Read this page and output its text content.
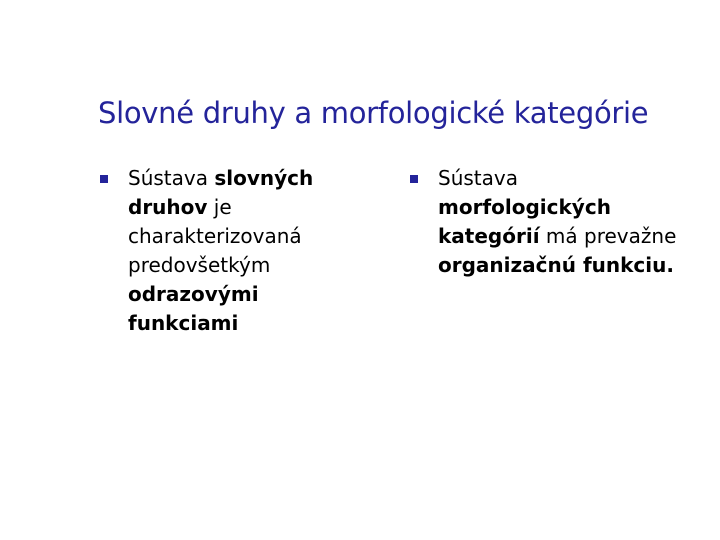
Slovné druhy a morfologické kategórie
Sústava slovných
druhov je
charakterizovaná
predovšetkým
odrazovými
funkciami
Sústava
morfologických
kategórií má prevažne
organizačnú funkciu.
